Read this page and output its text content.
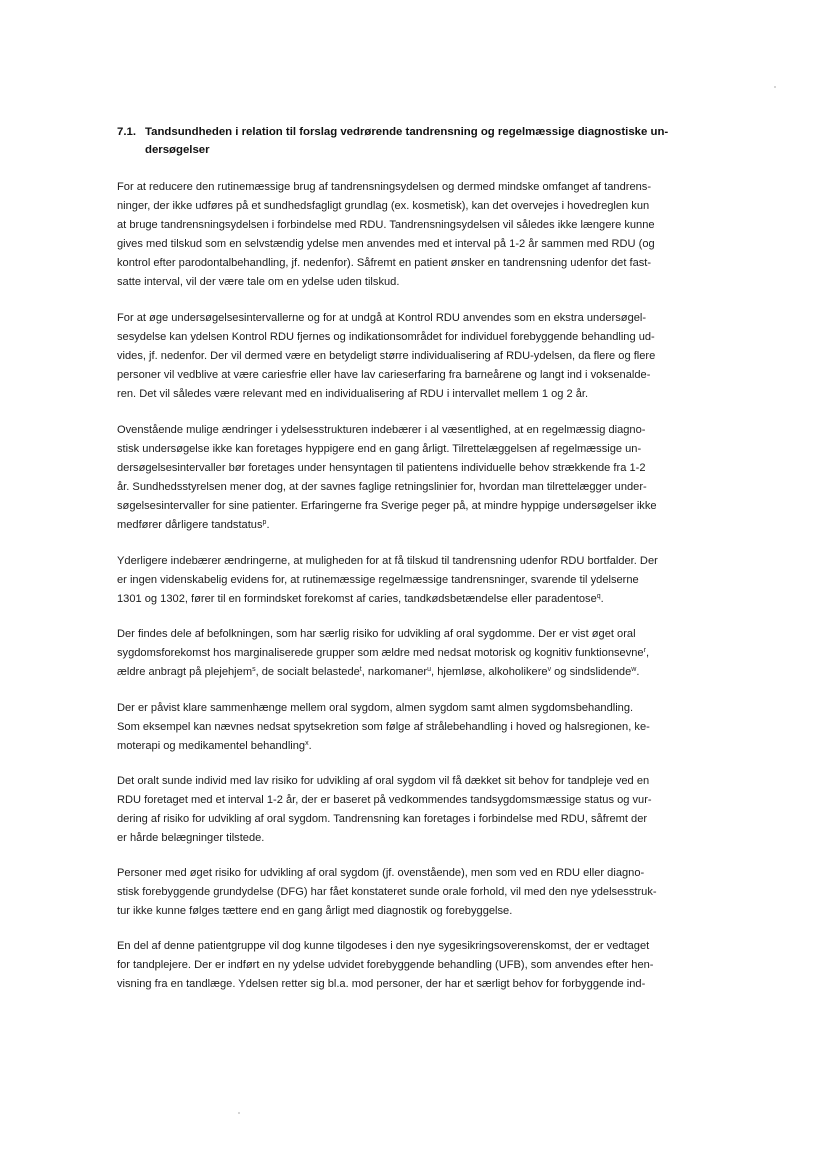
7.1. Tandsundheden i relation til forslag vedrørende tandrensning og regelmæssige diagnostiske un-
dersøgelser
For at reducere den rutinemæssige brug af tandrensningsydelsen og dermed mindske omfanget af tandrens-
ninger, der ikke udføres på et sundhedsfagligt grundlag (ex. kosmetisk), kan det overvejes i hovedreglen kun
at bruge tandrensningsydelsen i forbindelse med RDU. Tandrensningsydelsen vil således ikke længere kunne
gives med tilskud som en selvstændig ydelse men anvendes med et interval på 1-2 år sammen med RDU (og
kontrol efter parodontalbehandling, jf. nedenfor). Såfremt en patient ønsker en tandrensning udenfor det fast-
satte interval, vil der være tale om en ydelse uden tilskud.
For at øge undersøgelsesintervallerne og for at undgå at Kontrol RDU anvendes som en ekstra undersøgel-
sesydelse kan ydelsen Kontrol RDU fjernes og indikationsområdet for individuel forebyggende behandling ud-
vides, jf. nedenfor. Der vil dermed være en betydeligt større individualisering af RDU-ydelsen, da flere og flere
personer vil vedblive at være cariesfrie eller have lav carieserfaring fra barneårene og langt ind i voksenalde-
ren. Det vil således være relevant med en individualisering af RDU i intervallet mellem 1 og 2 år.
Ovenstående mulige ændringer i ydelsesstrukturen indebærer i al væsentlighed, at en regelmæssig diagno-
stisk undersøgelse ikke kan foretages hyppigere end en gang årligt. Tilrettelæggelsen af regelmæssige un-
dersøgelsesintervaller bør foretages under hensyntagen til patientens individuelle behov strækkende fra 1-2
år. Sundhedsstyrelsen mener dog, at der savnes faglige retningslinier for, hvordan man tilrettelægger under-
søgelsesintervaller for sine patienter. Erfaringerne fra Sverige peger på, at mindre hyppige undersøgelser ikke
medfører dårligere tandstatus$^p$.
Yderligere indebærer ændringerne, at muligheden for at få tilskud til tandrensning udenfor RDU bortfalder. Der
er ingen videnskabelig evidens for, at rutinemæssige regelmæssige tandrensninger, svarende til ydelserne
1301 og 1302, fører til en formindsket forekomst af caries, tandkødsbetændelse eller paradentose$^q$.
Der findes dele af befolkningen, som har særlig risiko for udvikling af oral sygdomme. Der er vist øget oral
sygdomsforekomst hos marginaliserede grupper som ældre med nedsat motorisk og kognitiv funktionsevne$^r$,
ældre anbragt på plejehjem$^s$, de socialt belastede$^t$, narkomaner$^u$, hjemløse, alkoholikere$^v$ og sindslidende$^w$.
Der er påvist klare sammenhænge mellem oral sygdom, almen sygdom samt almen sygdomsbehandling.
Som eksempel kan nævnes nedsat spytsekretion som følge af strålebehandling i hoved og halsregionen, ke-
moterapi og medikamentel behandling$^x$.
Det oralt sunde individ med lav risiko for udvikling af oral sygdom vil få dækket sit behov for tandpleje ved en
RDU foretaget med et interval 1-2 år, der er baseret på vedkommendes tandsygdomsmæssige status og vur-
dering af risiko for udvikling af oral sygdom. Tandrensning kan foretages i forbindelse med RDU, såfremt der
er hårde belægninger tilstede.
Personer med øget risiko for udvikling af oral sygdom (jf. ovenstående), men som ved en RDU eller diagno-
stisk forebyggende grundydelse (DFG) har fået konstateret sunde orale forhold, vil med den nye ydelsesstruk-
tur ikke kunne følges tættere end en gang årligt med diagnostik og forebyggelse.
En del af denne patientgruppe vil dog kunne tilgodeses i den nye sygesikringsoverenskomst, der er vedtaget
for tandplejere. Der er indført en ny ydelse udvidet forebyggende behandling (UFB), som anvendes efter hen-
visning fra en tandlæge. Ydelsen retter sig bl.a. mod personer, der har et særligt behov for forbyggende ind-
